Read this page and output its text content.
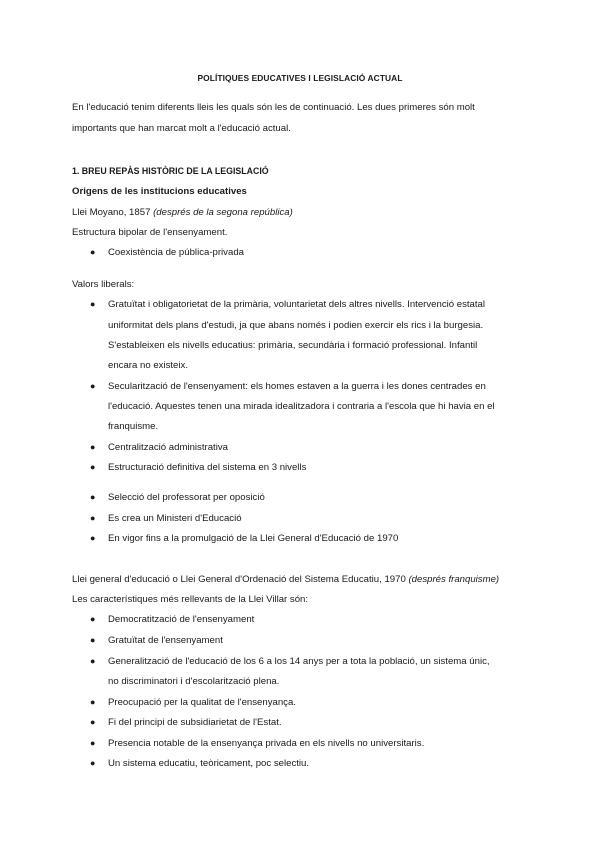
POLÍTIQUES EDUCATIVES I LEGISLACIÓ ACTUAL
En l'educació tenim diferents lleis les quals són les de continuació. Les dues primeres són molt
importants que han marcat molt a l'educació actual.
1. BREU REPÀS HISTÒRIC DE LA LEGISLACIÓ
Origens de les institucions educatives
Llei Moyano, 1857 (després de la segona república)
Estructura bipolar de l'ensenyament.
● Coexistència de pública-privada
Valors liberals:
● Gratuïtat i obligatorietat de la primària, voluntarietat dels altres nivells. Intervenció estatal
uniformitat dels plans d'estudi, ja que abans només i podien exercir els rics i la burgesia.
S'estableixen els nivells educatius: primària, secundària i formació professional. Infantil
encara no existeix.
● Secularització de l'ensenyament: els homes estaven a la guerra i les dones centrades en
l'educació. Aquestes tenen una mirada idealitzadora i contraria a l'escola que hi havia en el
franquisme.
● Centralització administrativa
● Estructuració definitiva del sistema en 3 nivells
● Selecció del professorat per oposició
● Es crea un Ministeri d'Educació
● En vigor fins a la promulgació de la Llei General d'Educació de 1970
Llei general d'educació o Llei General d'Ordenació del Sistema Educatiu, 1970 (després franquisme)
Les característiques més rellevants de la Llei Villar són:
● Democratització de l'ensenyament
● Gratuïtat de l'ensenyament
● Generalització de l'educació de los 6 a los 14 anys per a tota la població, un sistema únic,
no discriminatori i d'escolarització plena.
● Preocupació per la qualitat de l'ensenyança.
● Fi del principi de subsidiarietat de l'Estat.
● Presencia notable de la ensenyança privada en els nivells no universitaris.
● Un sistema educatiu, teòricament, poc selectiu.
